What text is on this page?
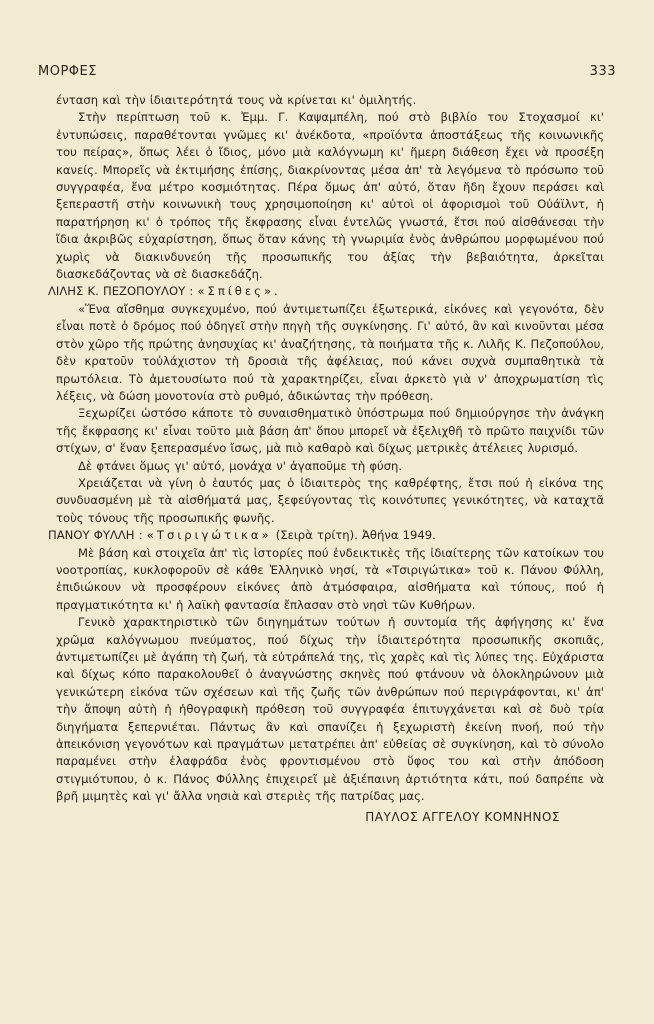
ΜΟΡΦΕΣ	333

ένταση καὶ τὴν ἰδιαιτερότητά τους νὰ κρίνεται κι' ὁμιλητής.

Στὴν περίπτωση τοῦ κ. Ἐμμ. Γ. Καψαμπέλη, πού στὸ βιβλίο του Στοχασμοί κι' ἐντυπώσεις, παραθέτονται γνῶμες κι' ἀνέκδοτα, «προϊόντα ἀποστάξεως τῆς κοινωνικῆς του πείρας», ὅπως λέει ὁ ἴδιος, μόνο μιὰ καλόγνωμη κι' ἥμερη διάθεση ἔχει νὰ προσέξη κανείς. Μπορεῖς νὰ ἐκτιμήσης ἐπίσης, διακρίνοντας μέσα ἀπ' τὰ λεγόμενα τὸ πρόσωπο τοῦ συγγραφέα, ἕνα μέτρο κοσμιότητας. Πέρα ὅμως ἀπ' αὐτό, ὅταν ἤδη ἔχουν περάσει καὶ ξεπεραστῆ στὴν κοινωνικὴ τους χρησιμοποίηση κι' αὐτοὶ οἱ ἀφορισμοὶ τοῦ Οὐάϊλντ, ἡ παρατήρηση κι' ὁ τρόπος τῆς ἔκφρασης εἶναι ἐντελῶς γνωστά, ἔτσι πού αἰσθάνεσαι τὴν ἴδια ἀκριβῶς εὐχαρίστηση, ὅπως ὅταν κάνης τὴ γνωριμία ἑνὸς ἀνθρώπου μορφωμένου πού χωρὶς νὰ διακινδυνεύη τῆς προσωπικῆς του ἀξίας τὴν βεβαιότητα, ἀρκεῖται διασκεδάζοντας νὰ σὲ διασκεδάζη.

ΛΙΛΗΣ Κ. ΠΕΖΟΠΟΥΛΟΥ : «Σπίθες».

«Ἕνα αἴσθημα συγκεχυμένο, πού ἀντιμετωπίζει ἐξωτερικά, εἰκόνες καὶ γεγονότα, δὲν εἶναι ποτὲ ὁ δρόμος πού ὁδηγεῖ στὴν πηγὴ τῆς συγκίνησης. Γι' αὐτό, ἂν καὶ κινοῦνται μέσα στὸν χῶρο τῆς πρώτης ἀνησυχίας κι' ἀναζήτησης, τὰ ποιήματα τῆς κ. Λιλῆς Κ. Πεζοπούλου, δὲν κρατοῦν τοὐλάχιστον τὴ δροσιὰ τῆς ἀφέλειας, πού κάνει συχνὰ συμπαθητικὰ τὰ πρωτόλεια. Τὸ ἀμετουσίωτο πού τὰ χαρακτηρίζει, εἶναι ἀρκετὸ γιὰ ν' ἀποχρωματίση τὶς λέξεις, νὰ δώση μονοτονία στὸ ρυθμό, ἀδικώντας τὴν πρόθεση.

Ξεχωρίζει ὡστόσο κάποτε τὸ συναισθηματικὸ ὑπόστρωμα πού δημιούργησε τὴν ἀνάγκη τῆς ἔκφρασης κι' εἶναι τοῦτο μιὰ βάση ἀπ' ὅπου μπορεῖ νὰ ἐξελιχθῆ τὸ πρῶτο παιχνίδι τῶν στίχων, σ' ἕναν ξεπερασμένο ἴσως, μὰ πιὸ καθαρὸ καὶ δίχως μετρικὲς ἀτέλειες λυρισμό.

Δὲ φτάνει ὅμως γι' αὐτό, μονάχα ν' ἀγαποῦμε τὴ φύση.

Χρειάζεται νὰ γίνη ὁ ἑαυτός μας ὁ ἰδιαιτερὸς της καθρέφτης, ἔτσι πού ἡ εἰκόνα της συνδυασμένη μὲ τὰ αἰσθήματά μας, ξεφεύγοντας τὶς κοινότυπες γενικότητες, νὰ καταχτᾶ τοὺς τόνους τῆς προσωπικῆς φωνῆς.

ΠΑΝΟΥ ΦΥΛΛΗ : «Τσιριγώτικα» (Σειρὰ τρίτη). Ἀθήνα 1949.

Μὲ βάση καὶ στοιχεῖα ἀπ' τὶς ἱστορίες πού ἐνδεικτικὲς τῆς ἰδιαίτερης τῶν κατοίκων του νοοτροπίας, κυκλοφοροῦν σὲ κάθε Ἑλληνικὸ νησί, τὰ «Τσιριγώτικα» τοῦ κ. Πάνου Φύλλη, ἐπιδιώκουν νὰ προσφέρουν εἰκόνες ἀπὸ ἀτμόσφαιρα, αἰσθήματα καὶ τύπους, πού ἡ πραγματικότητα κι' ἡ λαϊκὴ φαντασία ἔπλασαν στὸ νησὶ τῶν Κυθήρων.

Γενικὸ χαρακτηριστικὸ τῶν διηγημάτων τούτων ἡ συντομία τῆς ἀφήγησης κι' ἕνα χρῶμα καλόγνωμου πνεύματος, πού δίχως τὴν ἰδιαιτερότητα προσωπικῆς σκοπιᾶς, ἀντιμετωπίζει μὲ ἀγάπη τὴ ζωή, τὰ εὐτράπελά της, τὶς χαρὲς καὶ τὶς λύπες της. Εὐχάριστα καὶ δίχως κόπο παρακολουθεῖ ὁ ἀναγνώστης σκηνὲς πού φτάνουν νὰ ὁλοκληρώνουν μιὰ γενικώτερη εἰκόνα τῶν σχέσεων καὶ τῆς ζωῆς τῶν ἀνθρώπων πού περιγράφονται, κι' ἀπ' τὴν ἄποψη αὐτὴ ἡ ἠθογραφικὴ πρόθεση τοῦ συγγραφέα ἐπιτυγχάνεται καὶ σὲ δυὸ τρία διηγήματα ξεπερνιέται. Πάντως ἂν καὶ σπανίζει ἡ ξεχωριστὴ ἐκείνη πνοή, πού τὴν ἀπεικόνιση γεγονότων καὶ πραγμάτων μετατρέπει ἀπ' εὐθείας σὲ συγκίνηση, καὶ τὸ σύνολο παραμένει στὴν ἐλαφράδα ἑνὸς φροντισμένου στὸ ὕφος του καὶ στὴν ἀπόδοση στιγμιότυπου, ὁ κ. Πάνος Φύλλης ἐπιχειρεῖ μὲ ἀξιέπαινη ἀρτιότητα κάτι, πού δαπρέπε νὰ βρῆ μιμητὲς καὶ γι' ἄλλα νησιὰ καὶ στεριὲς τῆς πατρίδας μας.

ΠΑΥΛΟΣ ΑΓΓΕΛΟΥ ΚΟΜΝΗΝΟΣ
